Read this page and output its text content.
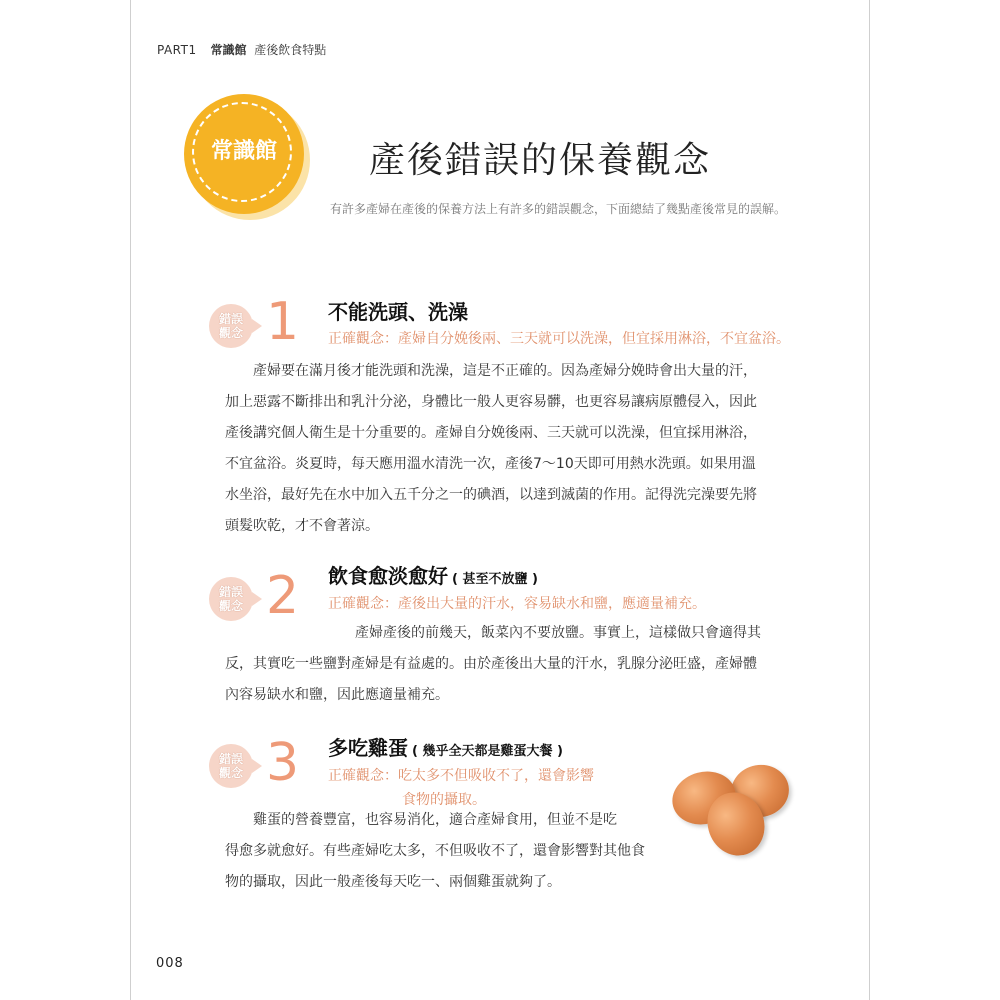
PART1 常識館 產後飲食特點
常識館	產後錯誤的保養觀念
有許多產婦在產後的保養方法上有許多的錯誤觀念，下面總結了幾點產後常見的誤解。
錯誤
觀念 1 不能洗頭、洗澡
正確觀念：產婦自分娩後兩、三天就可以洗澡，但宜採用淋浴，不宜盆浴。

產婦要在滿月後才能洗頭和洗澡，這是不正確的。因為產婦分娩時會出大量的汗，

加上惡露不斷排出和乳汁分泌，身體比一般人更容易髒，也更容易讓病原體侵入，因此

產後講究個人衛生是十分重要的。產婦自分娩後兩、三天就可以洗澡，但宜採用淋浴，

不宜盆浴。炎夏時，每天應用溫水清洗一次，產後7～10天即可用熱水洗頭。如果用溫

水坐浴，最好先在水中加入五千分之一的碘酒，以達到滅菌的作用。記得洗完澡要先將

頭髮吹乾，才不會著涼。

錯誤
觀念 2 飲食愈淡愈好 ( 甚至不放鹽 )
正確觀念：產後出大量的汗水，容易缺水和鹽，應適量補充。

產婦產後的前幾天，飯菜內不要放鹽。事實上，這樣做只會適得其

反，其實吃一些鹽對產婦是有益處的。由於產後出大量的汗水，乳腺分泌旺盛，產婦體

內容易缺水和鹽，因此應適量補充。

錯誤
觀念 3 多吃雞蛋 ( 幾乎全天都是雞蛋大餐 )
正確觀念：吃太多不但吸收不了，還會影響
食物的攝取。

雞蛋的營養豐富，也容易消化，適合產婦食用，但並不是吃

得愈多就愈好。有些產婦吃太多，不但吸收不了，還會影響對其他食

物的攝取，因此一般產後每天吃一、兩個雞蛋就夠了。

008
